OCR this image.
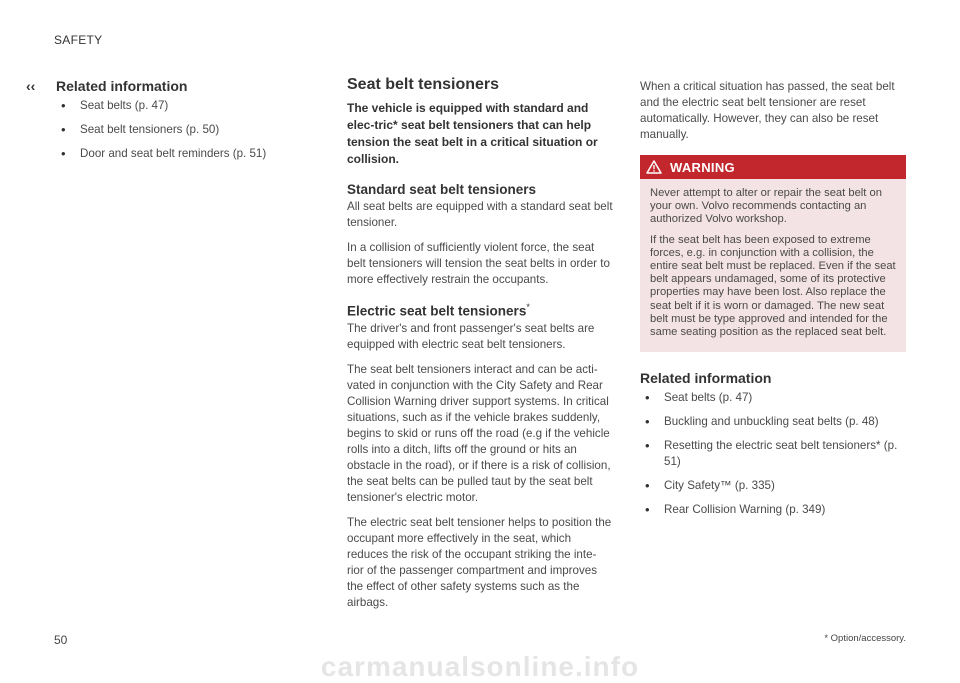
SAFETY
‹‹ Related information
• Seat belts (p. 47)
• Seat belt tensioners (p. 50)
• Door and seat belt reminders (p. 51)
Seat belt tensioners

The vehicle is equipped with standard and elec-tric* seat belt tensioners that can help tension the seat belt in a critical situation or collision.

Standard seat belt tensioners

All seat belts are equipped with a standard seat belt tensioner.

In a collision of sufficiently violent force, the seat belt tensioners will tension the seat belts in order to more effectively restrain the occupants.

Electric seat belt tensioners*

The driver's and front passenger's seat belts are equipped with electric seat belt tensioners.

The seat belt tensioners interact and can be acti-vated in conjunction with the City Safety and Rear Collision Warning driver support systems. In critical situations, such as if the vehicle brakes suddenly, begins to skid or runs off the road (e.g if the vehicle rolls into a ditch, lifts off the ground or hits an obstacle in the road), or if there is a risk of collision, the seat belts can be pulled taut by the seat belt tensioner's electric motor.

The electric seat belt tensioner helps to position the occupant more effectively in the seat, which reduces the risk of the occupant striking the inte-rior of the passenger compartment and improves the effect of other safety systems such as the airbags.

When a critical situation has passed, the seat belt and the electric seat belt tensioner are reset automatically. However, they can also be reset manually.

WARNING

Never attempt to alter or repair the seat belt on your own. Volvo recommends contacting an authorized Volvo workshop.

If the seat belt has been exposed to extreme forces, e.g. in conjunction with a collision, the entire seat belt must be replaced. Even if the seat belt appears undamaged, some of its protective properties may have been lost. Also replace the seat belt if it is worn or damaged. The new seat belt must be type approved and intended for the same seating position as the replaced seat belt.

Related information
• Seat belts (p. 47)
• Buckling and unbuckling seat belts (p. 48)
• Resetting the electric seat belt tensioners* (p. 51)
• City Safety™ (p. 335)
• Rear Collision Warning (p. 349)
50	* Option/accessory.
carmanualsonline.info
